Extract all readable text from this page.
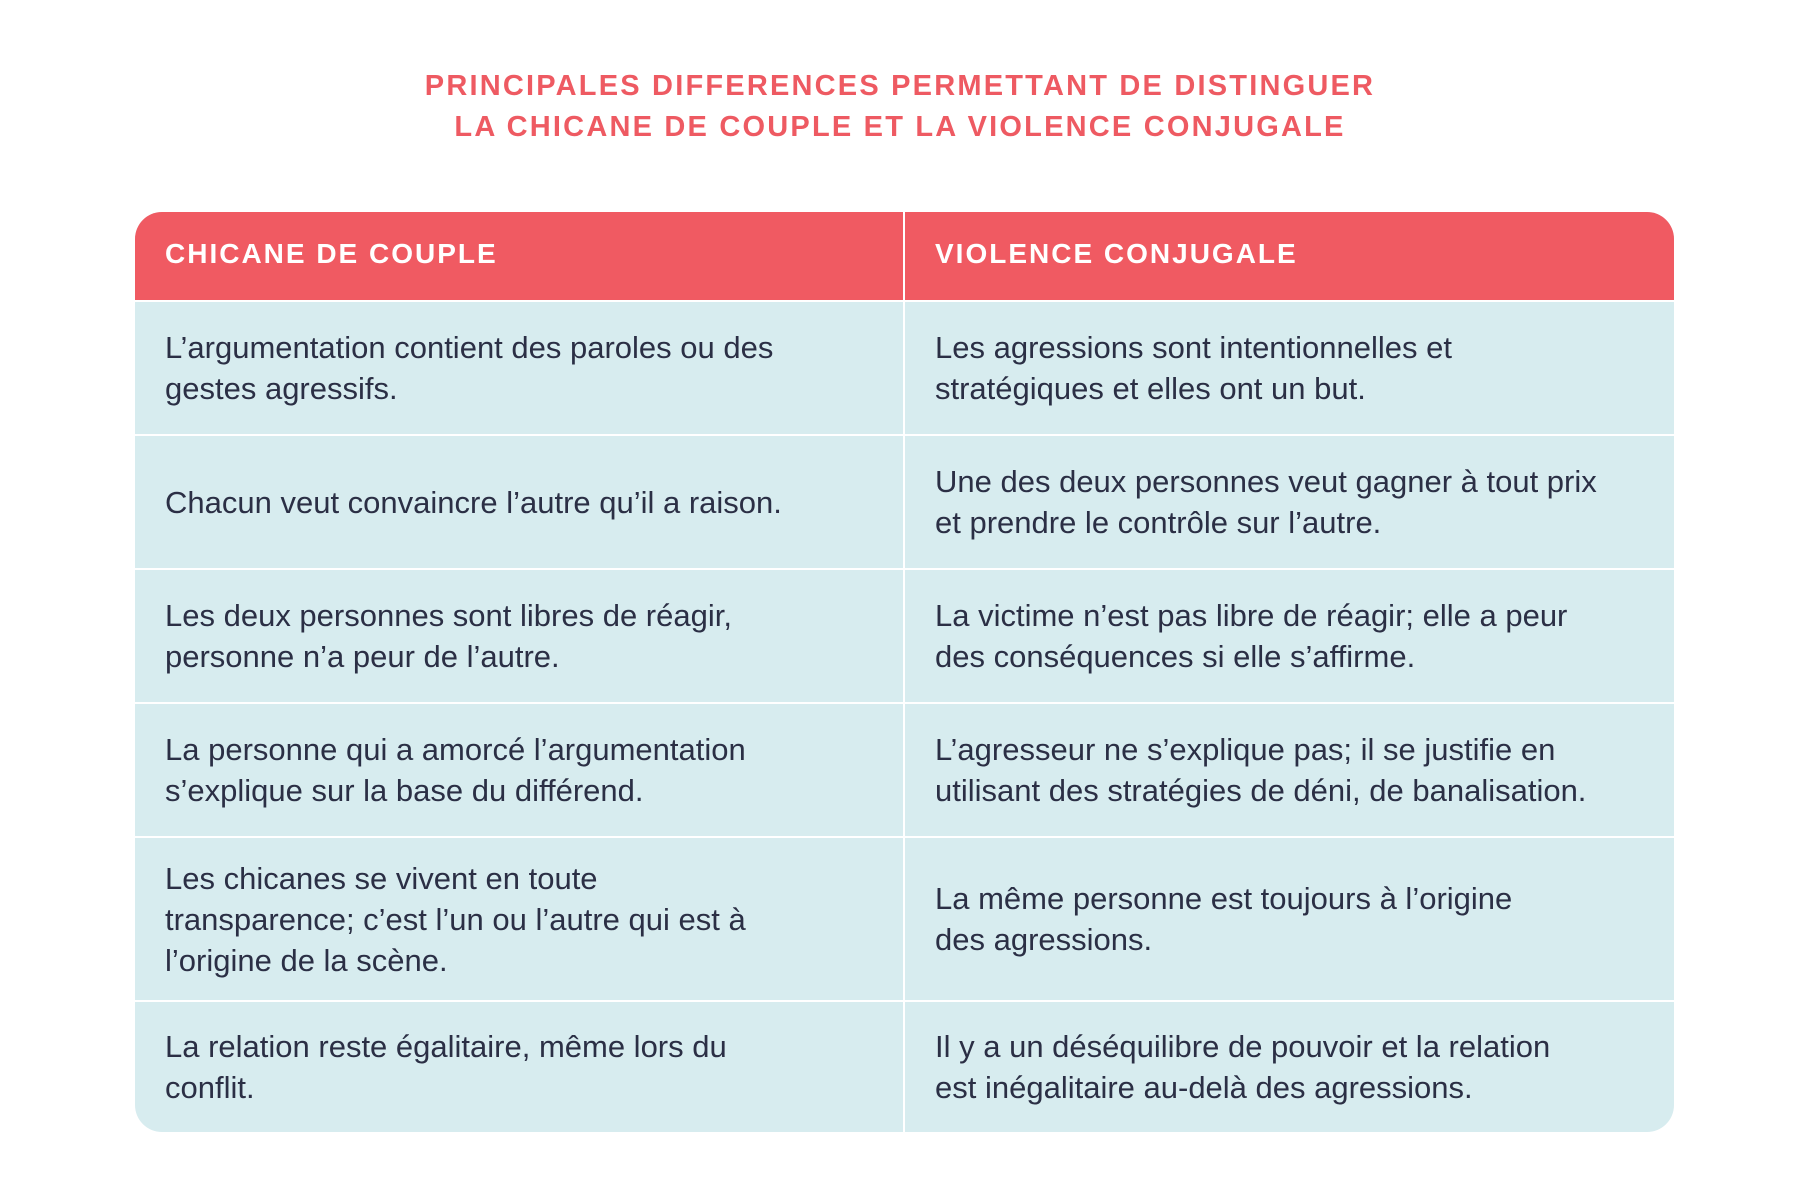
PRINCIPALES DIFFERENCES PERMETTANT DE DISTINGUER
LA CHICANE DE COUPLE ET LA VIOLENCE CONJUGALE
CHICANE DE COUPLE	VIOLENCE CONJUGALE
L’argumentation contient des paroles ou des
gestes agressifs.
Les agressions sont intentionnelles et
stratégiques et elles ont un but.
Chacun veut convaincre l’autre qu’il a raison.
Une des deux personnes veut gagner à tout prix
et prendre le contrôle sur l’autre.
Les deux personnes sont libres de réagir,
personne n’a peur de l’autre.
La victime n’est pas libre de réagir; elle a peur
des conséquences si elle s’affirme.
La personne qui a amorcé l’argumentation
s’explique sur la base du différend.
L’agresseur ne s’explique pas; il se justifie en
utilisant des stratégies de déni, de banalisation.
Les chicanes se vivent en toute
transparence; c’est l’un ou l’autre qui est à
l’origine de la scène.
La même personne est toujours à l’origine
des agressions.
La relation reste égalitaire, même lors du
conflit.
Il y a un déséquilibre de pouvoir et la relation
est inégalitaire au-delà des agressions.
